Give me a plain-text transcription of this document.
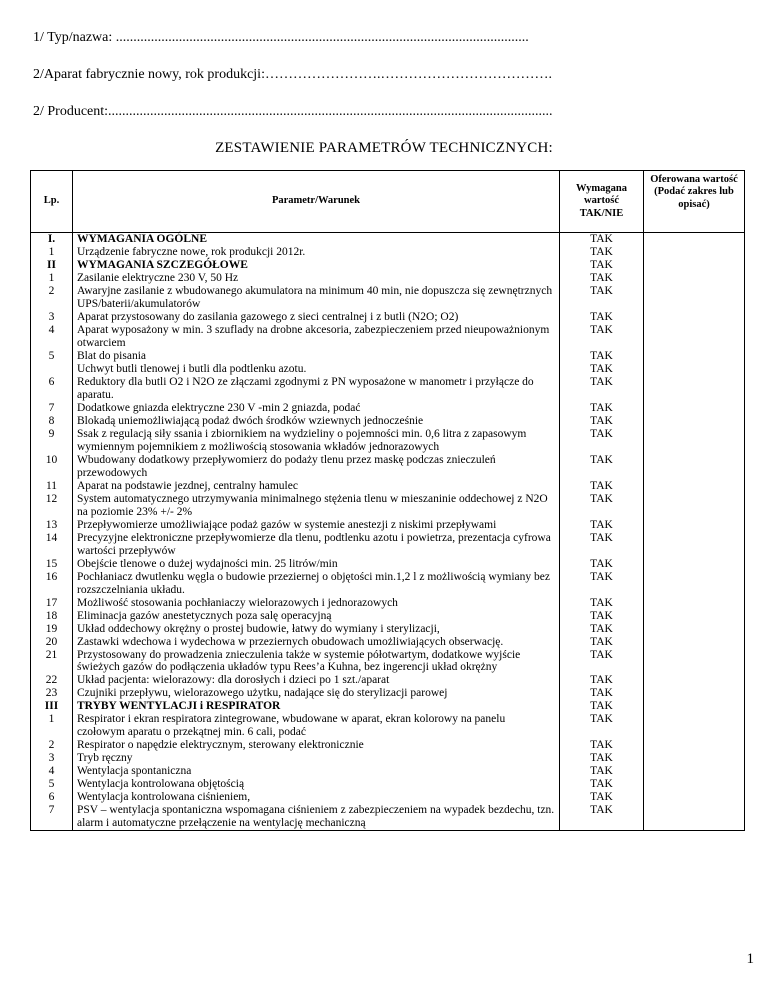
1/ Typ/nazwa: ......................................................................................................................
2/Aparat fabrycznie nowy, rok produkcji:…………………….……………………………….
2/ Producent:...............................................................................................................................
ZESTAWIENIE PARAMETRÓW TECHNICZNYCH:
Lp.	Parametr/Warunek	Wymagana wartość TAK/NIE	Oferowana wartość (Podać zakres lub opisać)
I.	WYMAGANIA OGÓLNE	TAK	
1	Urządzenie fabryczne nowe, rok produkcji 2012r.	TAK	
II	WYMAGANIA SZCZEGÓŁOWE	TAK	
1	Zasilanie elektryczne 230 V, 50 Hz	TAK	
2	Awaryjne zasilanie z wbudowanego akumulatora na minimum 40 min, nie dopuszcza się zewnętrznych UPS/baterii/akumulatorów	TAK	
3	Aparat przystosowany do zasilania gazowego z sieci centralnej i z butli (N2O; O2)	TAK	
4	Aparat wyposażony w min. 3 szuflady na drobne akcesoria, zabezpieczeniem przed nieupoważnionym otwarciem	TAK	
5	Blat do pisania	TAK	
	Uchwyt butli tlenowej i butli dla podtlenku azotu.	TAK	
6	Reduktory dla butli O2 i N2O ze złączami zgodnymi z PN wyposażone w manometr i przyłącze do aparatu.	TAK	
7	Dodatkowe gniazda elektryczne 230 V -min 2 gniazda, podać	TAK	
8	Blokadą uniemożliwiającą podaż dwóch środków wziewnych jednocześnie	TAK	
9	Ssak z regulacją siły ssania i zbiornikiem na wydzieliny o pojemności min. 0,6 litra z zapasowym wymiennym pojemnikiem z możliwością stosowania wkładów jednorazowych	TAK	
10	Wbudowany dodatkowy przepływomierz do podaży tlenu przez maskę podczas znieczuleń przewodowych	TAK	
11	Aparat na podstawie jezdnej, centralny hamulec	TAK	
12	System automatycznego utrzymywania minimalnego stężenia tlenu w mieszaninie oddechowej z N2O na poziomie 23% +/- 2%	TAK	
13	Przepływomierze umożliwiające podaż gazów w systemie anestezji z niskimi przepływami	TAK	
14	Precyzyjne elektroniczne przepływomierze dla tlenu, podtlenku azotu i powietrza, prezentacja cyfrowa wartości przepływów	TAK	
15	Obejście tlenowe o dużej wydajności min. 25 litrów/min	TAK	
16	Pochłaniacz dwutlenku węgla o budowie przeziernej o objętości min.1,2 l z możliwością wymiany bez rozszczelniania układu.	TAK	
17	Możliwość stosowania pochłaniaczy wielorazowych i jednorazowych	TAK	
18	Eliminacja gazów anestetycznych poza salę operacyjną	TAK	
19	Układ oddechowy okrężny o prostej budowie, łatwy do wymiany i sterylizacji,	TAK	
20	Zastawki wdechowa i wydechowa w przeziernych obudowach umożliwiających obserwację.	TAK	
21	Przystosowany do prowadzenia znieczulenia także w systemie półotwartym, dodatkowe wyjście świeżych gazów do podłączenia układów typu Rees’a Kuhna, bez ingerencji układ okrężny	TAK	
22	Układ pacjenta: wielorazowy: dla dorosłych i dzieci po 1 szt./aparat	TAK	
23	Czujniki przepływu, wielorazowego użytku, nadające się do sterylizacji parowej	TAK	
III	TRYBY WENTYLACJI i RESPIRATOR	TAK	
1	Respirator i ekran respiratora zintegrowane, wbudowane w aparat, ekran kolorowy na panelu czołowym aparatu o przekątnej min. 6 cali, podać	TAK	
2	Respirator o napędzie elektrycznym, sterowany elektronicznie	TAK	
3	Tryb ręczny	TAK	
4	Wentylacja spontaniczna	TAK	
5	Wentylacja kontrolowana objętością	TAK	
6	Wentylacja kontrolowana ciśnieniem,	TAK	
7	PSV – wentylacja spontaniczna wspomagana ciśnieniem z zabezpieczeniem na wypadek bezdechu, tzn. alarm i automatyczne przełączenie na wentylację mechaniczną	TAK	
1
